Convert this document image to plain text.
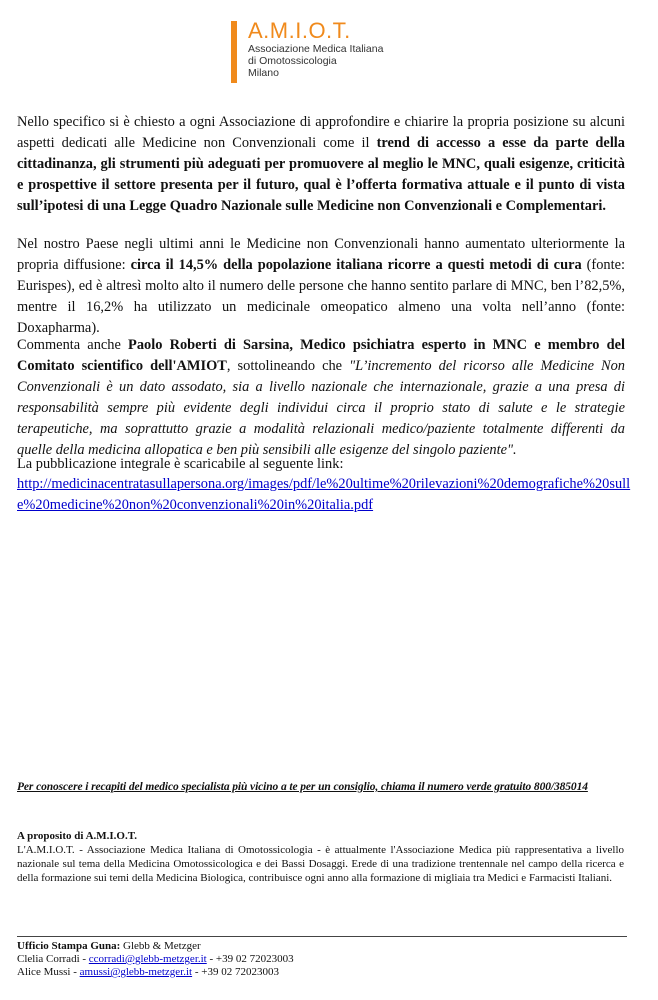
A.M.I.O.T.
Associazione Medica Italiana
di Omotossicologia
Milano

Nello specifico si è chiesto a ogni Associazione di approfondire e chiarire la propria posizione su alcuni aspetti dedicati alle Medicine non Convenzionali come il trend di accesso a esse da parte della cittadinanza, gli strumenti più adeguati per promuovere al meglio le MNC, quali esigenze, criticità e prospettive il settore presenta per il futuro, qual è l’offerta formativa attuale e il punto di vista sull’ipotesi di una Legge Quadro Nazionale sulle Medicine non Convenzionali e Complementari.

Nel nostro Paese negli ultimi anni le Medicine non Convenzionali hanno aumentato ulteriormente la propria diffusione: circa il 14,5% della popolazione italiana ricorre a questi metodi di cura (fonte: Eurispes), ed è altresì molto alto il numero delle persone che hanno sentito parlare di MNC, ben l’82,5%, mentre il 16,2% ha utilizzato un medicinale omeopatico almeno una volta nell’anno (fonte: Doxapharma).

Commenta anche Paolo Roberti di Sarsina, Medico psichiatra esperto in MNC e membro del Comitato scientifico dell'AMIOT, sottolineando che "L’incremento del ricorso alle Medicine Non Convenzionali è un dato assodato, sia a livello nazionale che internazionale, grazie a una presa di responsabilità sempre più evidente degli individui circa il proprio stato di salute e le strategie terapeutiche, ma soprattutto grazie a modalità relazionali medico/paziente totalmente differenti da quelle della medicina allopatica e ben più sensibili alle esigenze del singolo paziente".

La pubblicazione integrale è scaricabile al seguente link:

http://medicinacentratasullapersona.org/images/pdf/le%20ultime%20rilevazioni%20demografiche%20sulle%20medicine%20non%20convenzionali%20in%20italia.pdf
Per conoscere i recapiti del medico specialista più vicino a te per un consiglio, chiama il numero verde gratuito 800/385014
A proposito di A.M.I.O.T.

L'A.M.I.O.T. - Associazione Medica Italiana di Omotossicologia - è attualmente l'Associazione Medica più rappresentativa a livello nazionale sul tema della Medicina Omotossicologica e dei Bassi Dosaggi. Erede di una tradizione trentennale nel campo della ricerca e della formazione sui temi della Medicina Biologica, contribuisce ogni anno alla formazione di migliaia tra Medici e Farmacisti Italiani.

Ufficio Stampa Guna: Glebb & Metzger
Clelia Corradi - ccorradi@glebb-metzger.it - +39 02 72023003
Alice Mussi - amussi@glebb-metzger.it - +39 02 72023003
